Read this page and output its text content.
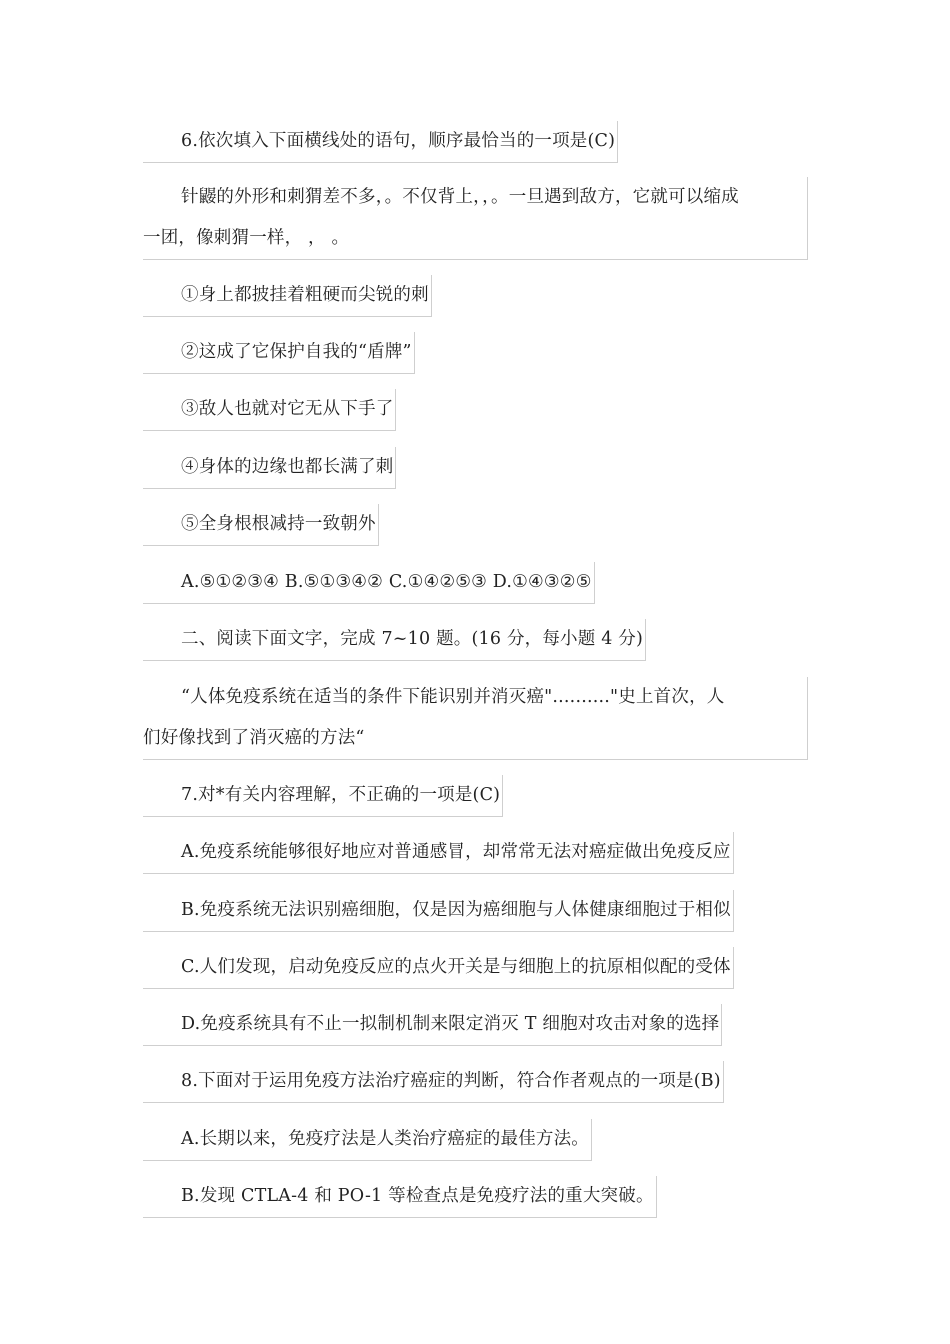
6.依次填入下面横线处的语句，顺序最恰当的一项是(C)
针鼹的外形和刺猬差不多，。不仅背上，，。一旦遇到敌方，它就可以缩成
一团，像刺猬一样， ， 。
①身上都披挂着粗硬而尖锐的刺
②这成了它保护自我的“盾牌”
③敌人也就对它无从下手了
④身体的边缘也都长满了刺
⑤全身根根减持一致朝外
A.⑤①②③④ B.⑤①③④② C.①④②⑤③ D.①④③②⑤
二、阅读下面文字，完成 7~10 题。(16 分，每小题 4 分)
“人体免疫系统在适当的条件下能识别并消灭癌".........."史上首次，人
们好像找到了消灭癌的方法“
7.对*有关内容理解，不正确的一项是(C)
A.免疫系统能够很好地应对普通感冒，却常常无法对癌症做出免疫反应
B.免疫系统无法识别癌细胞，仅是因为癌细胞与人体健康细胞过于相似
C.人们发现，启动免疫反应的点火开关是与细胞上的抗原相似配的受体
D.免疫系统具有不止一拟制机制来限定消灭 T 细胞对攻击对象的选择
8.下面对于运用免疫方法治疗癌症的判断，符合作者观点的一项是(B)
A.长期以来，免疫疗法是人类治疗癌症的最佳方法。
B.发现 CTLA-4 和 PO-1 等检查点是免疫疗法的重大突破。
